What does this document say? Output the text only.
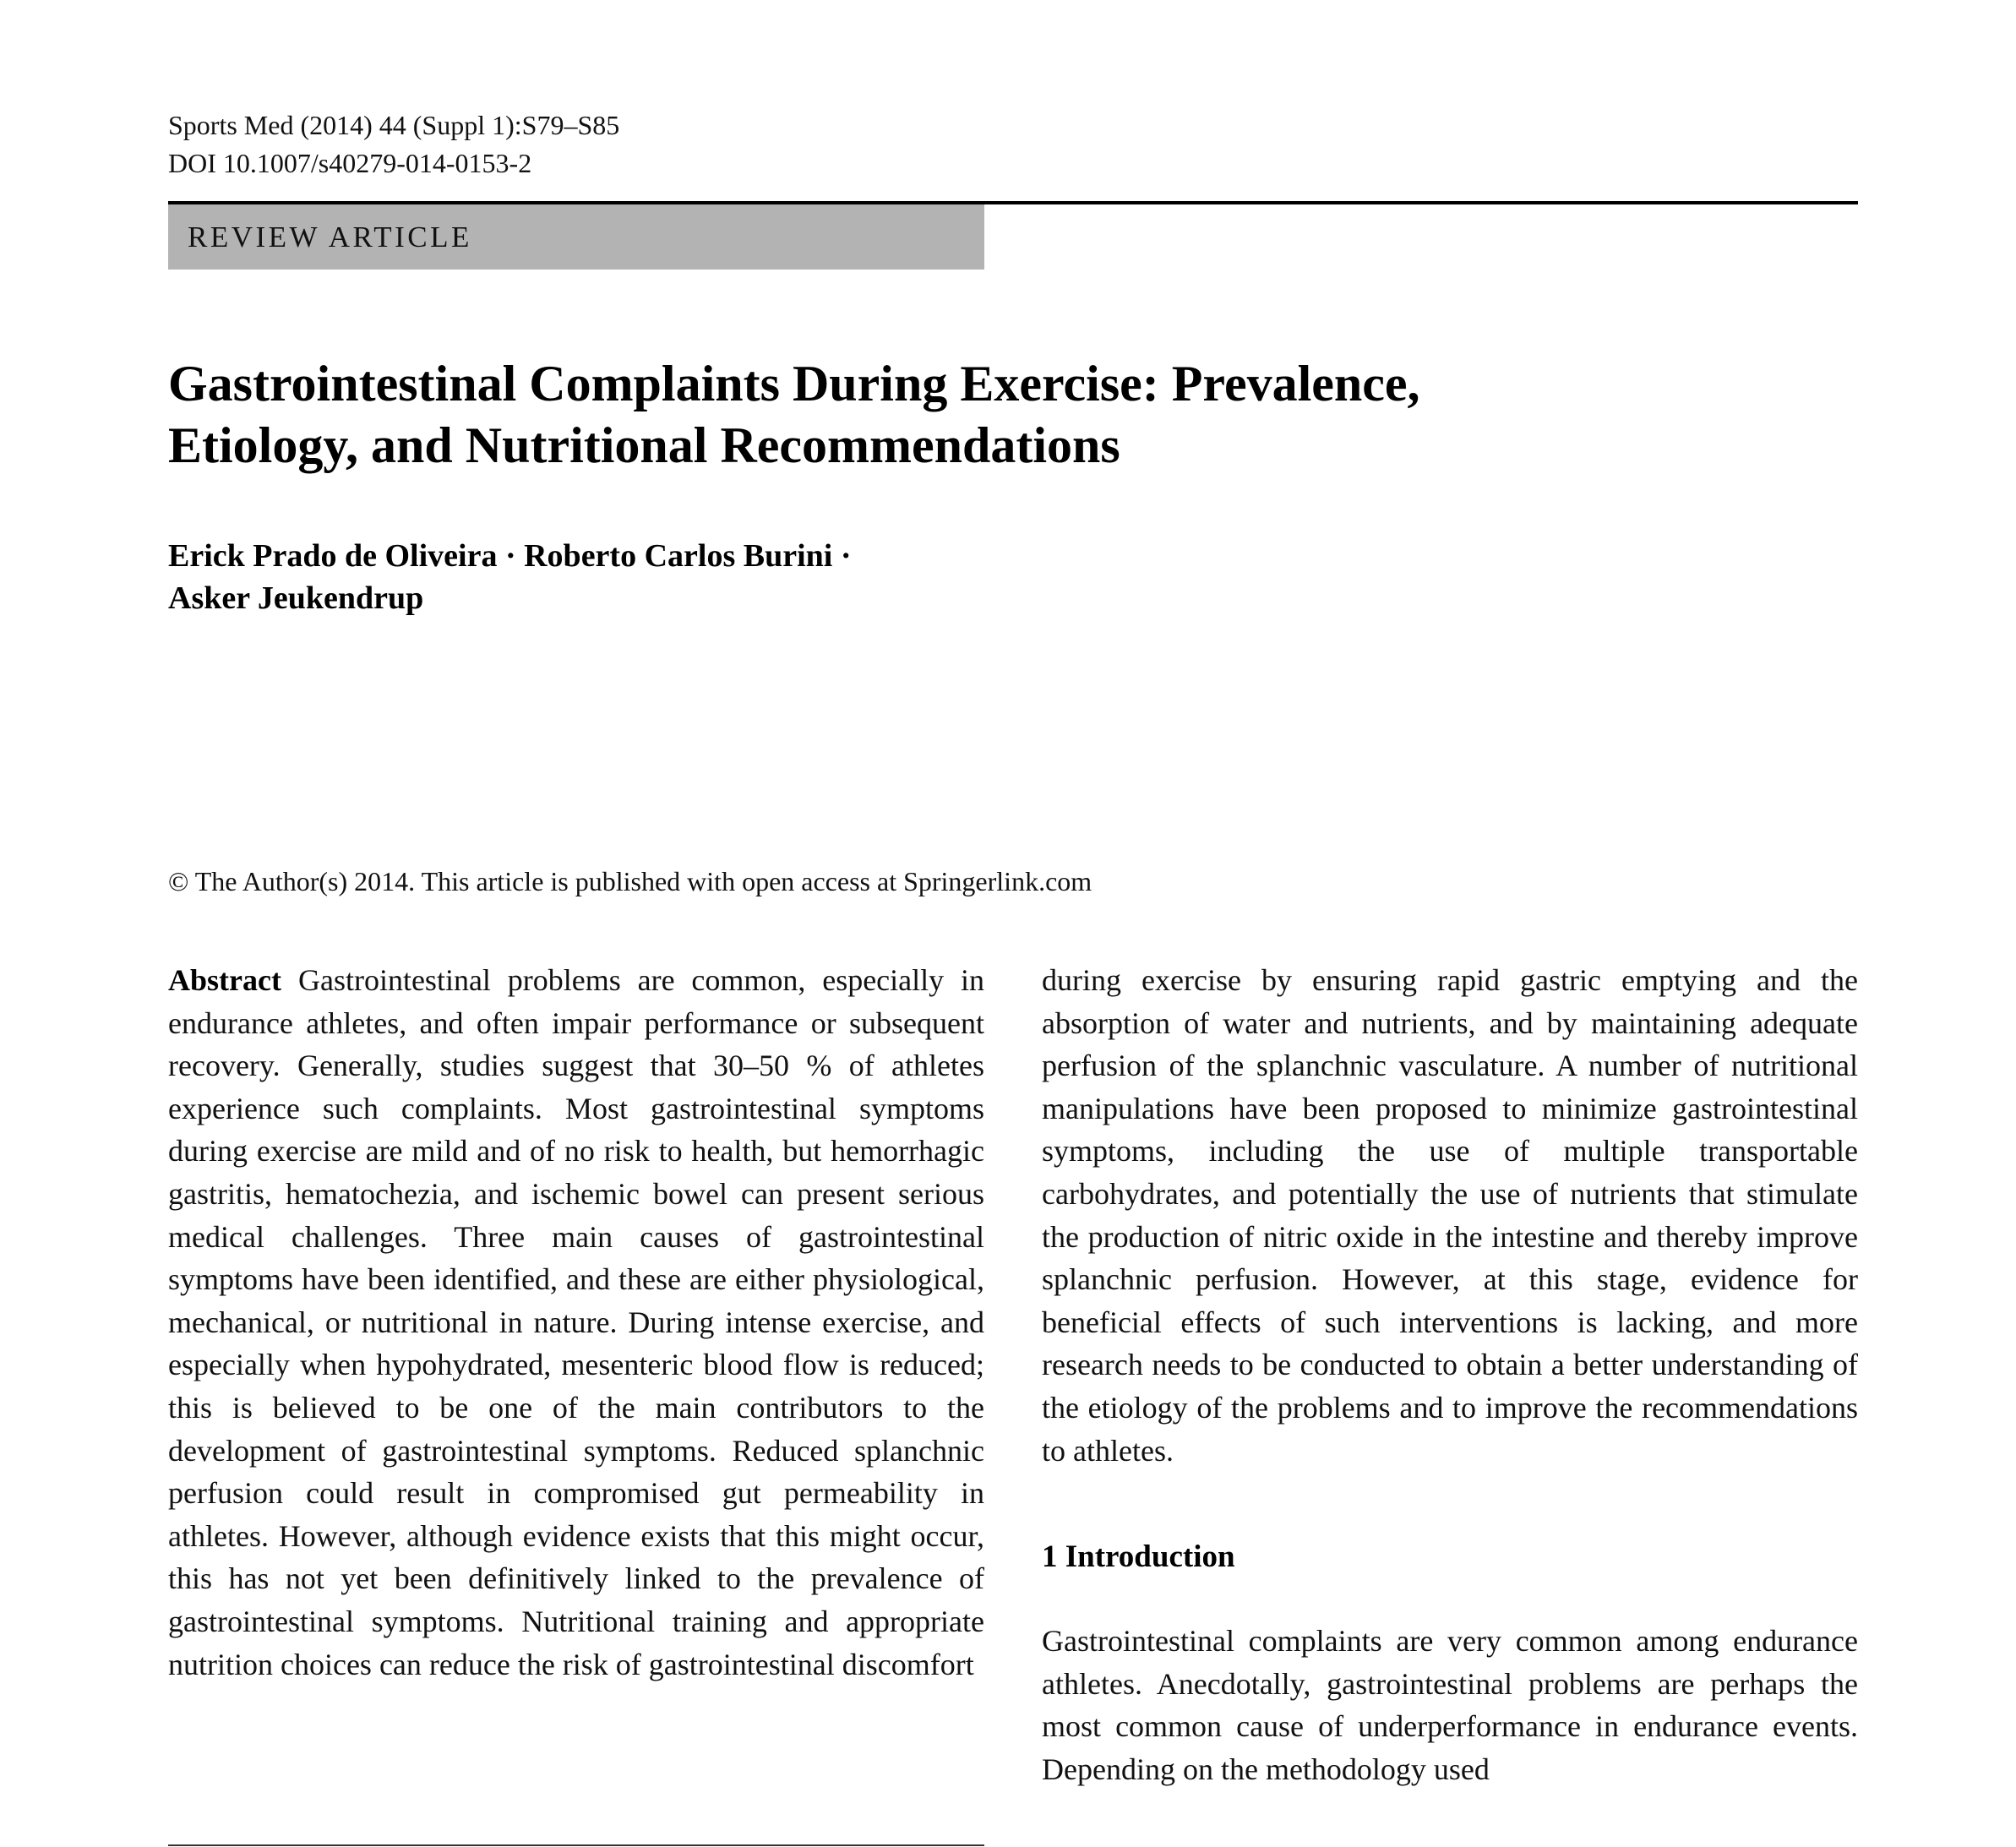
Sports Med (2014) 44 (Suppl 1):S79–S85
DOI 10.1007/s40279-014-0153-2
REVIEW ARTICLE
Gastrointestinal Complaints During Exercise: Prevalence,
Etiology, and Nutritional Recommendations
Erick Prado de Oliveira · Roberto Carlos Burini ·
Asker Jeukendrup
© The Author(s) 2014. This article is published with open access at Springerlink.com

Abstract Gastrointestinal problems are common, especially in endurance athletes, and often impair performance or subsequent recovery. Generally, studies suggest that 30–50 % of athletes experience such complaints. Most gastrointestinal symptoms during exercise are mild and of no risk to health, but hemorrhagic gastritis, hematochezia, and ischemic bowel can present serious medical challenges. Three main causes of gastrointestinal symptoms have been identified, and these are either physiological, mechanical, or nutritional in nature. During intense exercise, and especially when hypohydrated, mesenteric blood flow is reduced; this is believed to be one of the main contributors to the development of gastrointestinal symptoms. Reduced splanchnic perfusion could result in compromised gut permeability in athletes. However, although evidence exists that this might occur, this has not yet been definitively linked to the prevalence of gastrointestinal symptoms. Nutritional training and appropriate nutrition choices can reduce the risk of gastrointestinal discomfort

during exercise by ensuring rapid gastric emptying and the absorption of water and nutrients, and by maintaining adequate perfusion of the splanchnic vasculature. A number of nutritional manipulations have been proposed to minimize gastrointestinal symptoms, including the use of multiple transportable carbohydrates, and potentially the use of nutrients that stimulate the production of nitric oxide in the intestine and thereby improve splanchnic perfusion. However, at this stage, evidence for beneficial effects of such interventions is lacking, and more research needs to be conducted to obtain a better understanding of the etiology of the problems and to improve the recommendations to athletes.

1 Introduction

Gastrointestinal complaints are very common among endurance athletes. Anecdotally, gastrointestinal problems are perhaps the most common cause of underperformance in endurance events. Depending on the methodology used
